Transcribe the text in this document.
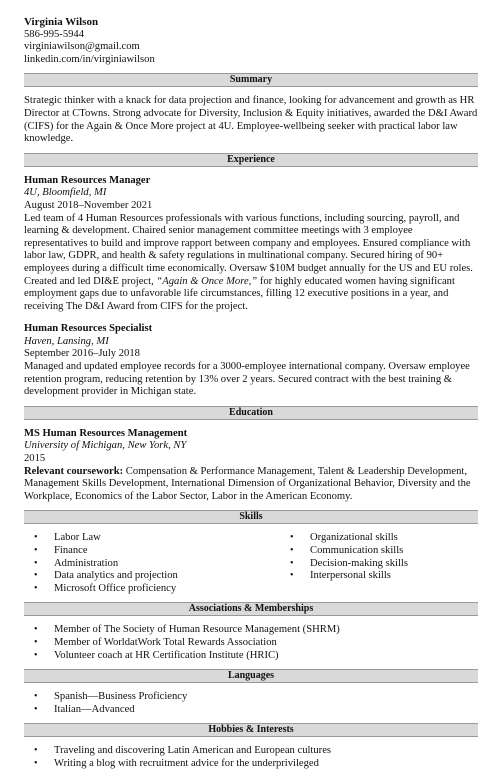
Virginia Wilson
586-995-5944
virginiawilson@gmail.com
linkedin.com/in/virginiawilson
Summary

Strategic thinker with a knack for data projection and finance, looking for advancement and growth as HR Director at CTowns. Strong advocate for Diversity, Inclusion & Equity initiatives, awarded the D&I Award (CIFS) for the Again & Once More project at 4U. Employee-wellbeing seeker with practical labor law knowledge.

Experience
Human Resources Manager
4U, Bloomfield, MI
August 2018–November 2021

Led team of 4 Human Resources professionals with various functions, including sourcing, payroll, and learning & development. Chaired senior management committee meetings with 3 employee representatives to build and improve rapport between company and employees. Ensured compliance with labor law, GDPR, and health & safety regulations in multinational company. Secured hiring of 90+ employees during a difficult time economically. Oversaw $10M budget annually for the US and EU roles. Created and led DI&E project, “Again & Once More,” for highly educated women having significant employment gaps due to unfavorable life circumstances, filling 12 executive positions in a year, and receiving The D&I Award from CIFS for the project.

Human Resources Specialist
Haven, Lansing, MI
September 2016–July 2018

Managed and updated employee records for a 3000-employee international company. Oversaw employee retention program, reducing retention by 13% over 2 years. Secured contract with the best training & development provider in Michigan state.

Education
MS Human Resources Management
University of Michigan, New York, NY
2015

Relevant coursework: Compensation & Performance Management, Talent & Leadership Development, Management Skills Development, International Dimension of Organizational Behavior, Diversity and the Workplace, Economics of the Labor Sector, Labor in the American Economy.

Skills
• Labor Law
• Finance
• Administration
• Data analytics and projection
• Microsoft Office proficiency
• Organizational skills
• Communication skills
• Decision-making skills
• Interpersonal skills
Associations & Memberships
• Member of The Society of Human Resource Management (SHRM)
• Member of WorldatWork Total Rewards Association
• Volunteer coach at HR Certification Institute (HRIC)
Languages
• Spanish—Business Proficiency
• Italian—Advanced
Hobbies & Interests
• Traveling and discovering Latin American and European cultures
• Writing a blog with recruitment advice for the underprivileged
